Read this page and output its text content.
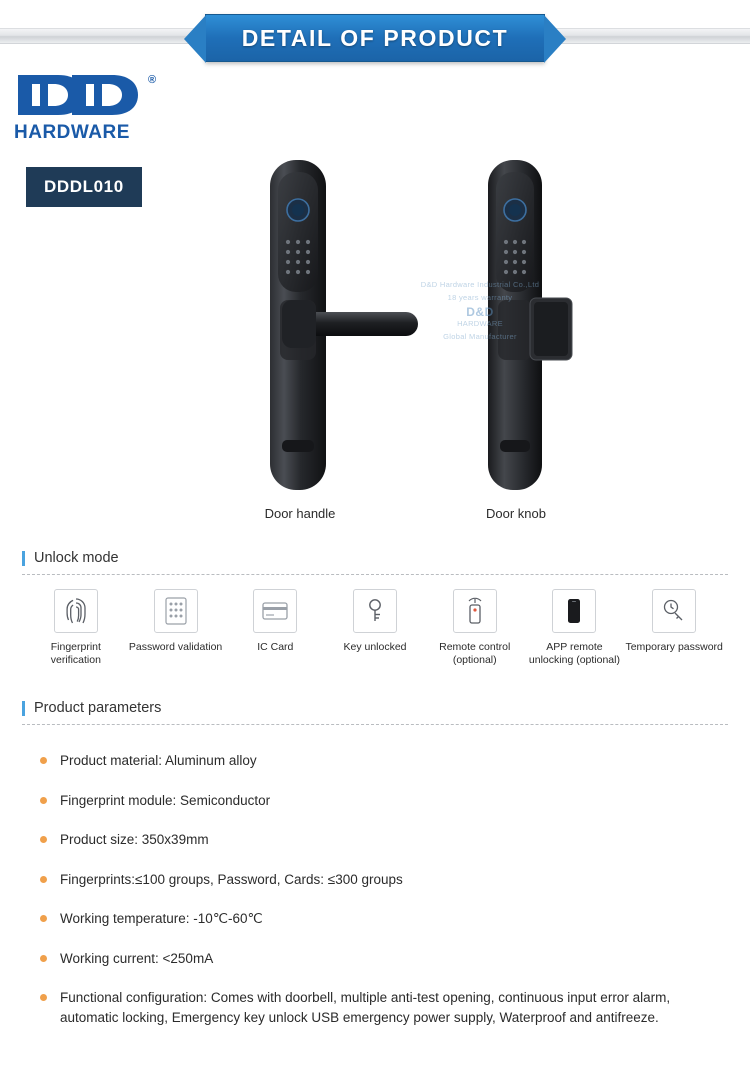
DETAIL OF PRODUCT
®
HARDWARE
DDDL010
D&D Hardware Industrial Co.,Ltd
18 years warranty
D&D
HARDWARE
Global Manufacturer
Door handle	Door knob
Unlock mode
Fingerprint verification
Password validation	IC Card	Key unlocked	Remote control (optional)
APP remote unlocking (optional)
Temporary password
Product parameters
Product material: Aluminum alloy
Fingerprint module: Semiconductor
Product size: 350x39mm
Fingerprints:≤100 groups, Password, Cards: ≤300 groups
Working temperature: -10℃-60℃
Working current: <250mA
Functional configuration: Comes with doorbell, multiple anti-test opening, continuous input error alarm, automatic locking, Emergency key unlock USB emergency power supply, Waterproof and antifreeze.
